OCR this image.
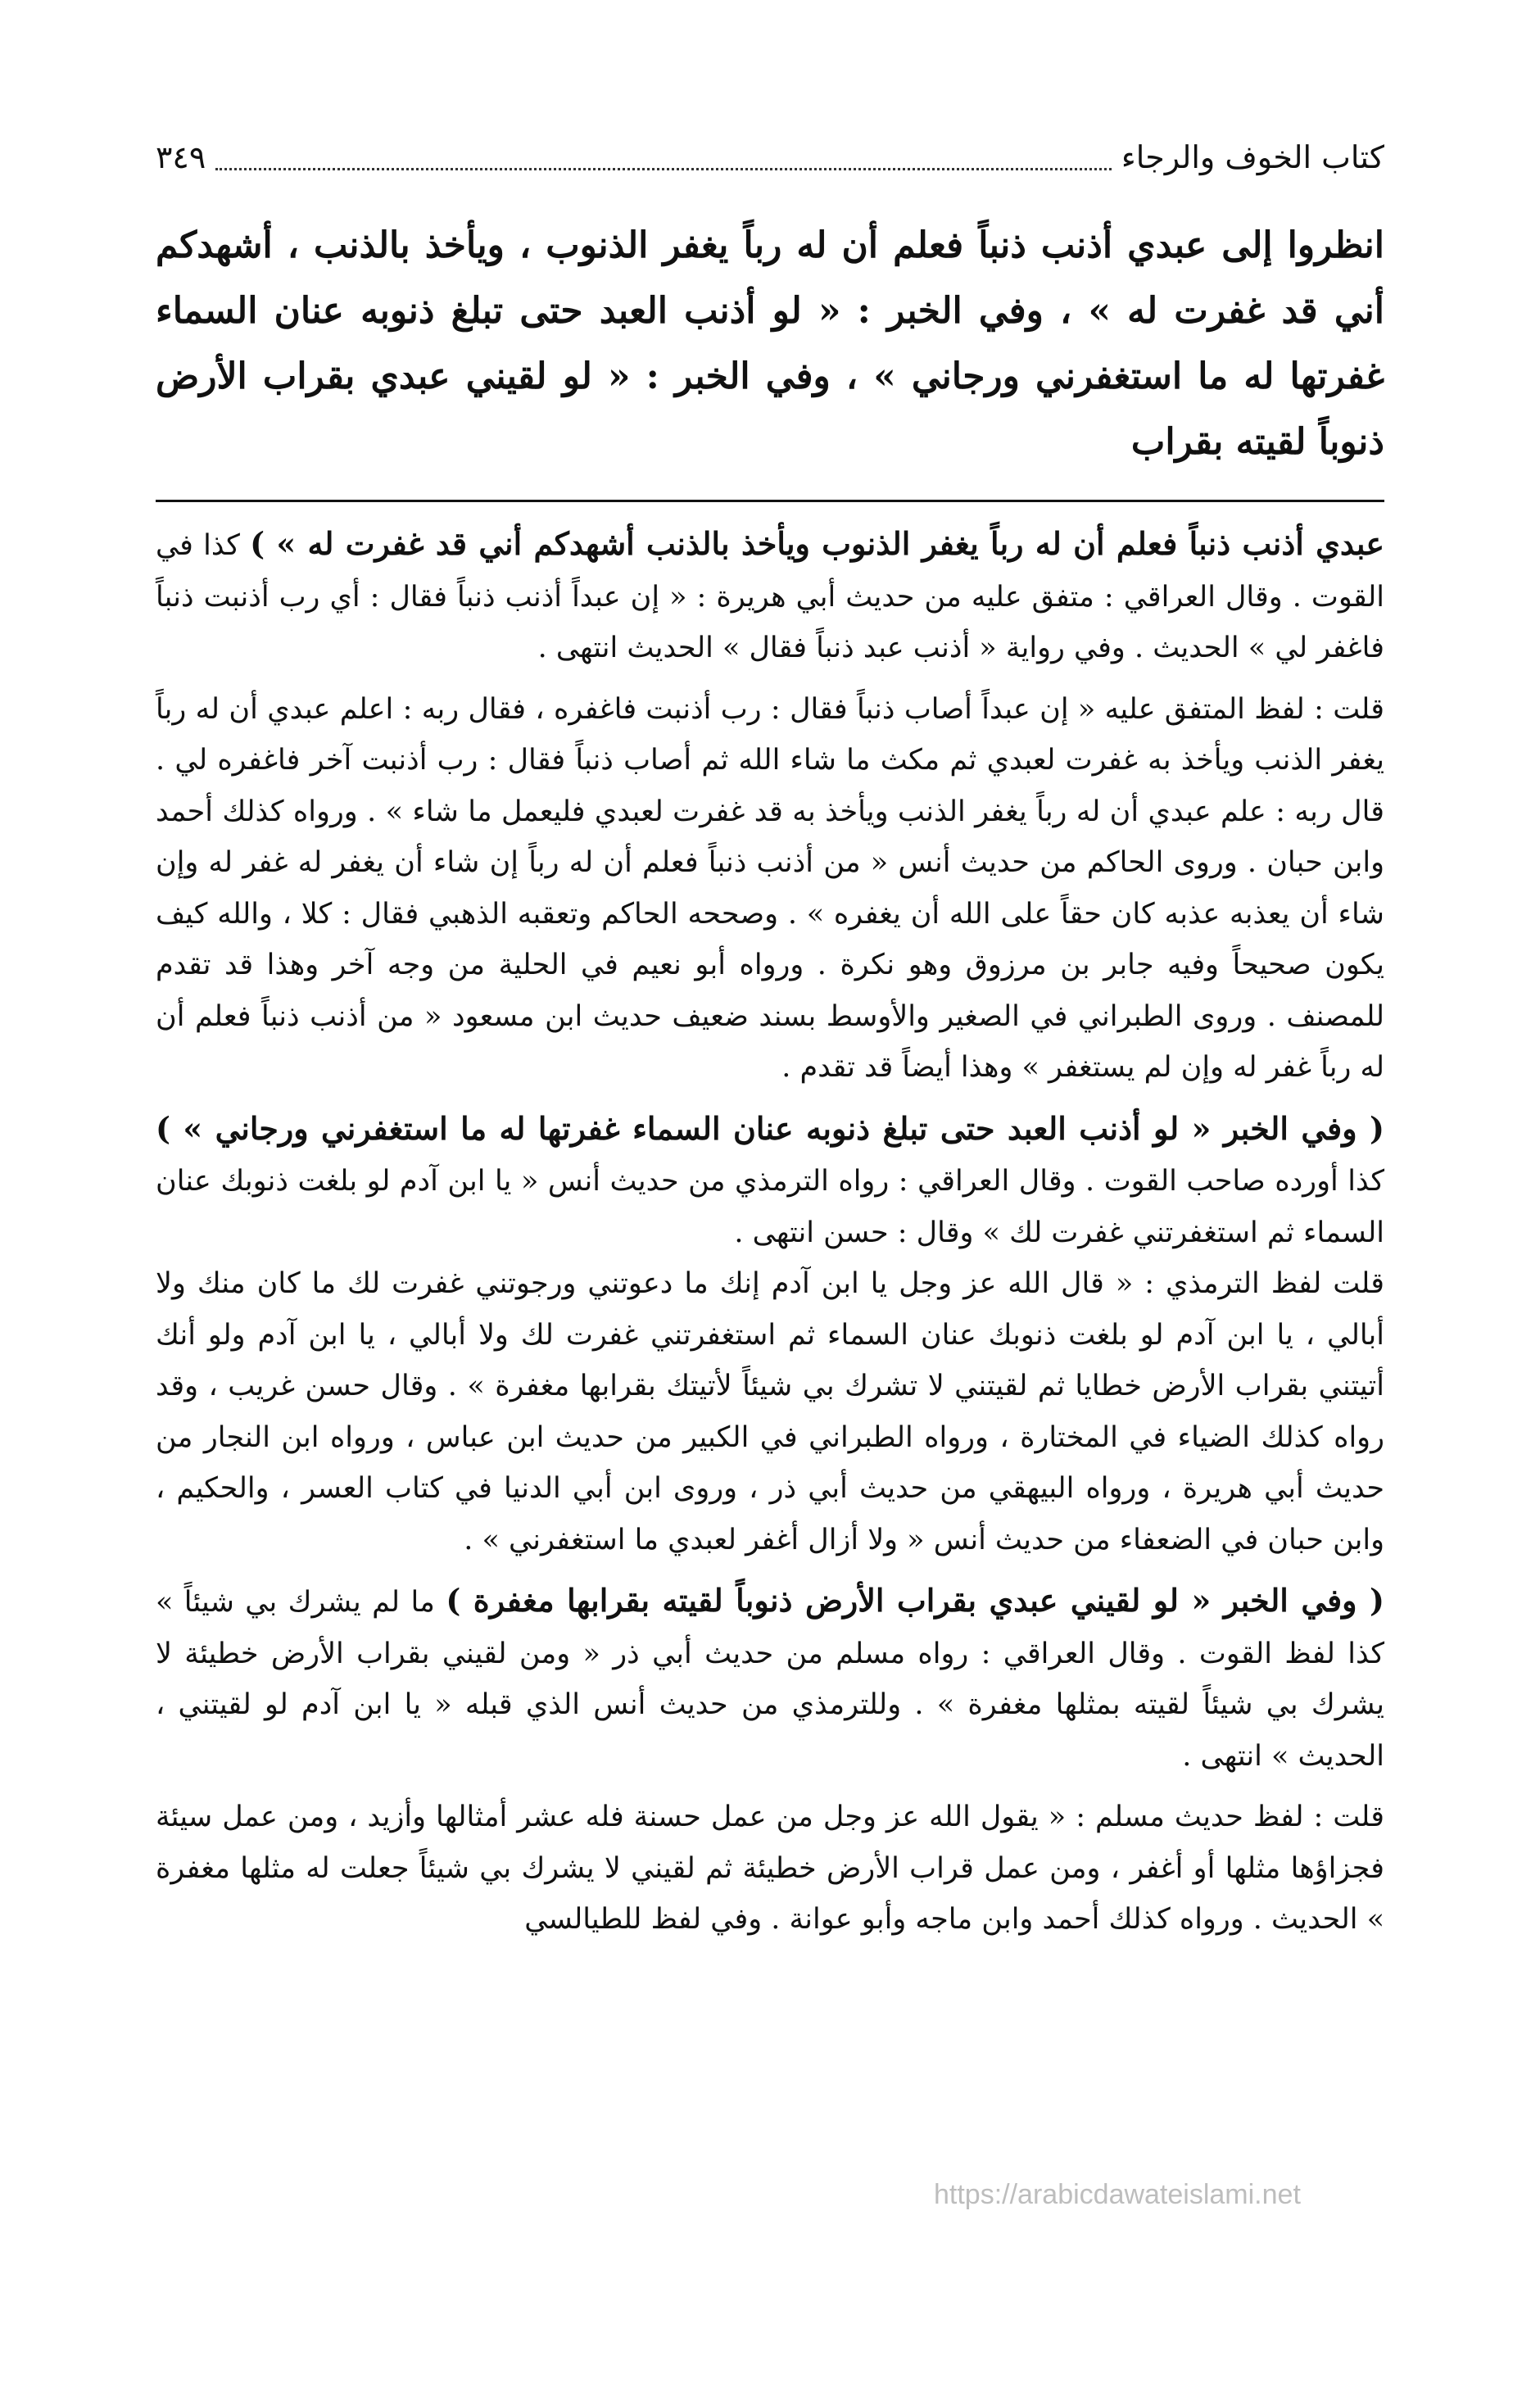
كتاب الخوف والرجاء
٣٤٩
انظروا إلى عبدي أذنب ذنباً فعلم أن له رباً يغفر الذنوب ، ويأخذ بالذنب ، أشهدكم أني قد غفرت له » ، وفي الخبر : « لو أذنب العبد حتى تبلغ ذنوبه عنان السماء غفرتها له ما استغفرني ورجاني » ، وفي الخبر : « لو لقيني عبدي بقراب الأرض ذنوباً لقيته بقراب

عبدي أذنب ذنباً فعلم أن له رباً يغفر الذنوب ويأخذ بالذنب أشهدكم أني قد غفرت له » ) كذا في القوت . وقال العراقي : متفق عليه من حديث أبي هريرة : « إن عبداً أذنب ذنباً فقال : أي رب أذنبت ذنباً فاغفر لي » الحديث . وفي رواية « أذنب عبد ذنباً فقال » الحديث انتهى .

قلت : لفظ المتفق عليه « إن عبداً أصاب ذنباً فقال : رب أذنبت فاغفره ، فقال ربه : اعلم عبدي أن له رباً يغفر الذنب ويأخذ به غفرت لعبدي ثم مكث ما شاء الله ثم أصاب ذنباً فقال : رب أذنبت آخر فاغفره لي . قال ربه : علم عبدي أن له رباً يغفر الذنب ويأخذ به قد غفرت لعبدي فليعمل ما شاء » . ورواه كذلك أحمد وابن حبان . وروى الحاكم من حديث أنس « من أذنب ذنباً فعلم أن له رباً إن شاء أن يغفر له غفر له وإن شاء أن يعذبه عذبه كان حقاً على الله أن يغفره » . وصححه الحاكم وتعقبه الذهبي فقال : كلا ، والله كيف يكون صحيحاً وفيه جابر بن مرزوق وهو نكرة . ورواه أبو نعيم في الحلية من وجه آخر وهذا قد تقدم للمصنف . وروى الطبراني في الصغير والأوسط بسند ضعيف حديث ابن مسعود « من أذنب ذنباً فعلم أن له رباً غفر له وإن لم يستغفر » وهذا أيضاً قد تقدم .

( وفي الخبر « لو أذنب العبد حتى تبلغ ذنوبه عنان السماء غفرتها له ما استغفرني ورجاني » ) كذا أورده صاحب القوت . وقال العراقي : رواه الترمذي من حديث أنس « يا ابن آدم لو بلغت ذنوبك عنان السماء ثم استغفرتني غفرت لك » وقال : حسن انتهى .

قلت لفظ الترمذي : « قال الله عز وجل يا ابن آدم إنك ما دعوتني ورجوتني غفرت لك ما كان منك ولا أبالي ، يا ابن آدم لو بلغت ذنوبك عنان السماء ثم استغفرتني غفرت لك ولا أبالي ، يا ابن آدم ولو أنك أتيتني بقراب الأرض خطايا ثم لقيتني لا تشرك بي شيئاً لأتيتك بقرابها مغفرة » . وقال حسن غريب ، وقد رواه كذلك الضياء في المختارة ، ورواه الطبراني في الكبير من حديث ابن عباس ، ورواه ابن النجار من حديث أبي هريرة ، ورواه البيهقي من حديث أبي ذر ، وروى ابن أبي الدنيا في كتاب العسر ، والحكيم ، وابن حبان في الضعفاء من حديث أنس « ولا أزال أغفر لعبدي ما استغفرني » .

( وفي الخبر « لو لقيني عبدي بقراب الأرض ذنوباً لقيته بقرابها مغفرة ) ما لم يشرك بي شيئاً » كذا لفظ القوت . وقال العراقي : رواه مسلم من حديث أبي ذر « ومن لقيني بقراب الأرض خطيئة لا يشرك بي شيئاً لقيته بمثلها مغفرة » . وللترمذي من حديث أنس الذي قبله « يا ابن آدم لو لقيتني ، الحديث » انتهى .

قلت : لفظ حديث مسلم : « يقول الله عز وجل من عمل حسنة فله عشر أمثالها وأزيد ، ومن عمل سيئة فجزاؤها مثلها أو أغفر ، ومن عمل قراب الأرض خطيئة ثم لقيني لا يشرك بي شيئاً جعلت له مثلها مغفرة » الحديث . ورواه كذلك أحمد وابن ماجه وأبو عوانة . وفي لفظ للطيالسي

https://arabicdawateislami.net
